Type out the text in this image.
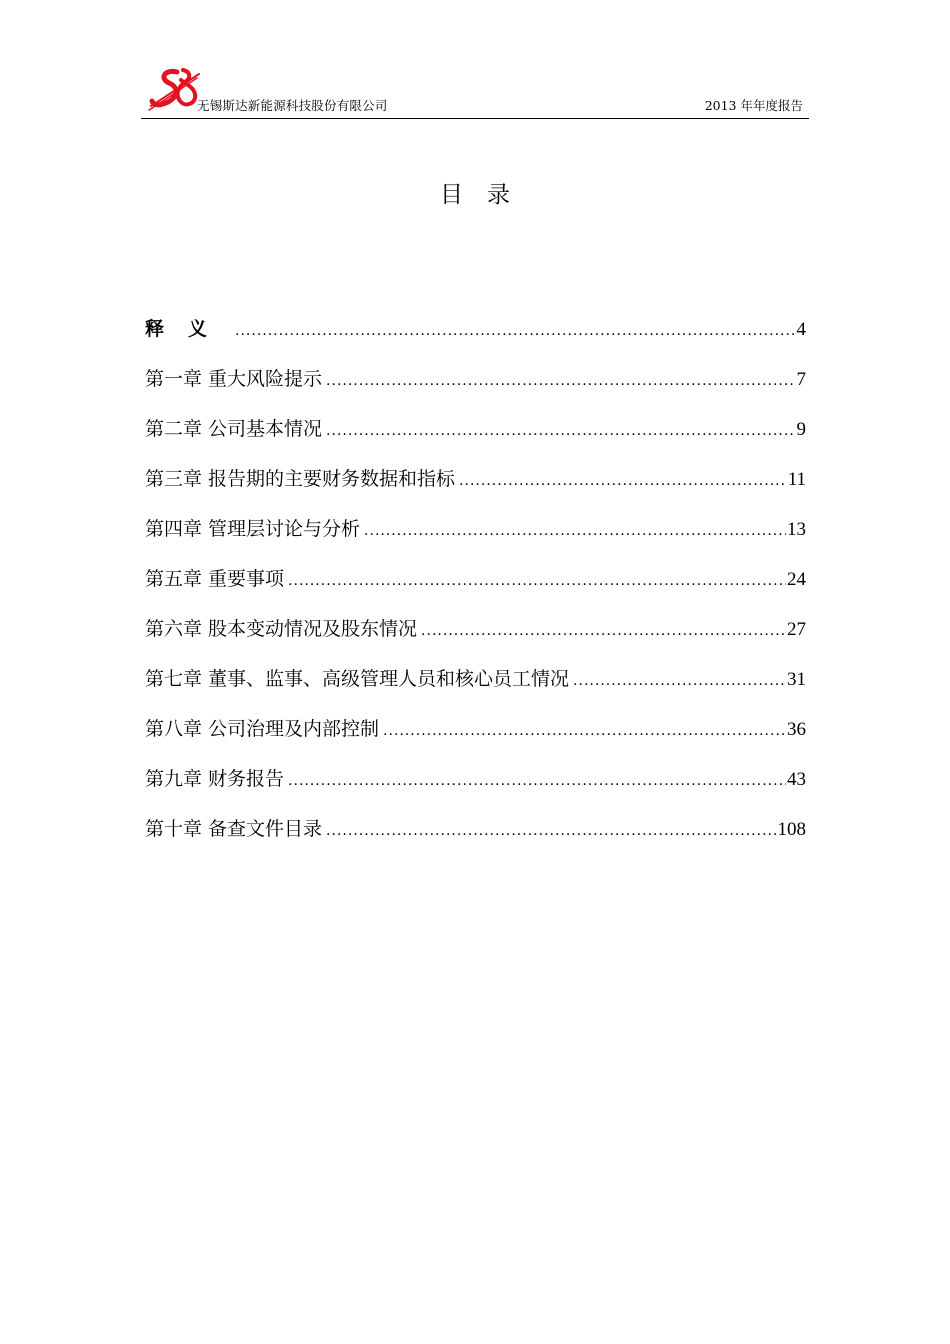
无锡斯达新能源科技股份有限公司	2013 年年度报告
目录
释义 .....	4
第一章 重大风险提示 .....	7
第二章 公司基本情况 .....	9
第三章 报告期的主要财务数据和指标 .....	11
第四章 管理层讨论与分析 .....	13
第五章 重要事项 .....	24
第六章 股本变动情况及股东情况 .....	27
第七章 董事、监事、高级管理人员和核心员工情况 .....	31
第八章 公司治理及内部控制 .....	36
第九章 财务报告 .....	43
第十章 备查文件目录 .....	108
